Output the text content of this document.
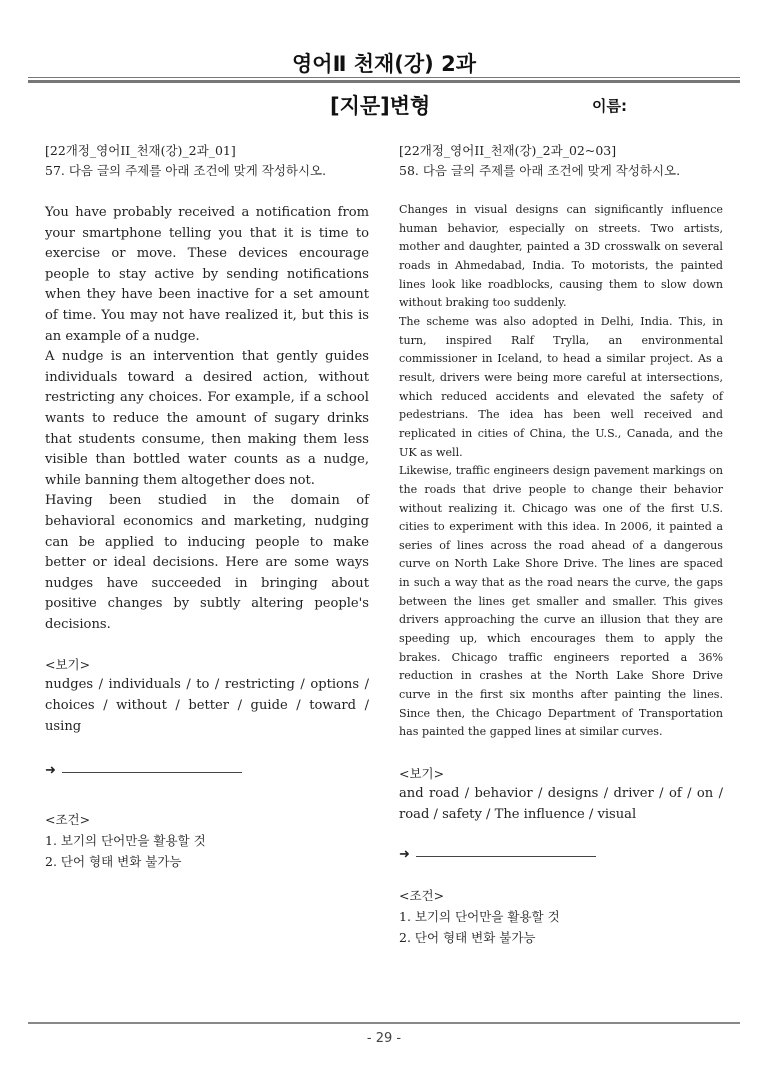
영어Ⅱ 천재(강) 2과
[지문]변형	이름:
[22개정_영어II_천재(강)_2과_01]
57. 다음 글의 주제를 아래 조건에 맞게 작성하시오.

You have probably received a notification from your smartphone telling you that it is time to exercise or move. These devices encourage people to stay active by sending notifications when they have been inactive for a set amount of time. You may not have realized it, but this is an example of a nudge.

A nudge is an intervention that gently guides individuals toward a desired action, without restricting any choices. For example, if a school wants to reduce the amount of sugary drinks that students consume, then making them less visible than bottled water counts as a nudge, while banning them altogether does not.

Having been studied in the domain of behavioral economics and marketing, nudging can be applied to inducing people to make better or ideal decisions. Here are some ways nudges have succeeded in bringing about positive changes by subtly altering people's decisions.

<보기>
nudges / individuals / to / restricting / options / choices / without / better / guide / toward / using
➜
<조건>
1. 보기의 단어만을 활용할 것
2. 단어 형태 변화 불가능
[22개정_영어II_천재(강)_2과_02~03]
58. 다음 글의 주제를 아래 조건에 맞게 작성하시오.

Changes in visual designs can significantly influence human behavior, especially on streets. Two artists, mother and daughter, painted a 3D crosswalk on several roads in Ahmedabad, India. To motorists, the painted lines look like roadblocks, causing them to slow down without braking too suddenly.

The scheme was also adopted in Delhi, India. This, in turn, inspired Ralf Trylla, an environmental commissioner in Iceland, to head a similar project. As a result, drivers were being more careful at intersections, which reduced accidents and elevated the safety of pedestrians. The idea has been well received and replicated in cities of China, the U.S., Canada, and the UK as well.

Likewise, traffic engineers design pavement markings on the roads that drive people to change their behavior without realizing it. Chicago was one of the first U.S. cities to experiment with this idea. In 2006, it painted a series of lines across the road ahead of a dangerous curve on North Lake Shore Drive. The lines are spaced in such a way that as the road nears the curve, the gaps between the lines get smaller and smaller. This gives drivers approaching the curve an illusion that they are speeding up, which encourages them to apply the brakes. Chicago traffic engineers reported a 36% reduction in crashes at the North Lake Shore Drive curve in the first six months after painting the lines. Since then, the Chicago Department of Transportation has painted the gapped lines at similar curves.

<보기>
and road / behavior / designs / driver / of / on / road / safety / The influence / visual
➜
<조건>
1. 보기의 단어만을 활용할 것
2. 단어 형태 변화 불가능
- 29 -
